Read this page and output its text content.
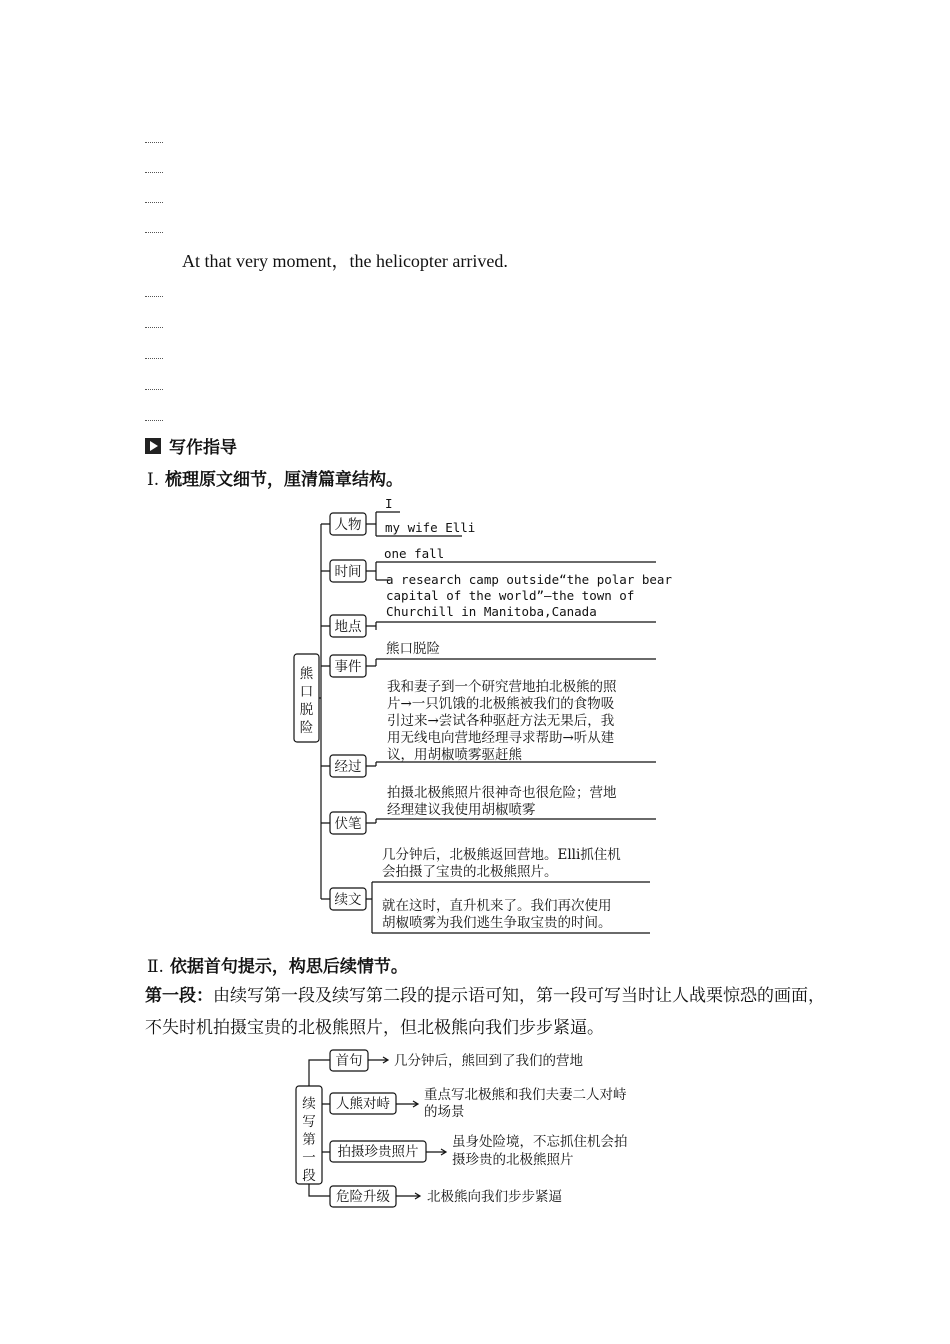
At that very moment，the helicopter arrived.
写作指导
Ⅰ. 梳理原文细节，厘清篇章结构。
熊
口
脱
险
人物
I
my wife Elli
时间
one fall
a research camp outside“the polar bear
capital of the world”—the town of
Churchill in Manitoba,Canada
地点
熊口脱险
事件
我和妻子到一个研究营地拍北极熊的照
片→一只饥饿的北极熊被我们的食物吸
引过来→尝试各种驱赶方法无果后，我
用无线电向营地经理寻求帮助→听从建
议，用胡椒喷雾驱赶熊
经过
拍摄北极熊照片很神奇也很危险；营地
经理建议我使用胡椒喷雾
伏笔
几分钟后，北极熊返回营地。Elli抓住机
会拍摄了宝贵的北极熊照片。
续文 就在这时，直升机来了。我们再次使用
胡椒喷雾为我们逃生争取宝贵的时间。
续
写
第
一
段
首句 几分钟后，熊回到了我们的营地
人熊对峙
重点写北极熊和我们夫妻二人对峙
的场景
拍摄珍贵照片
虽身处险境，不忘抓住机会拍
摄珍贵的北极熊照片
危险升级	北极熊向我们步步紧逼
Ⅱ. 依据首句提示，构思后续情节。
第一段：由续写第一段及续写第二段的提示语可知，第一段可写当时让人战栗惊恐的画面，不失时机拍摄宝贵的北极熊照片，但北极熊向我们步步紧逼。
